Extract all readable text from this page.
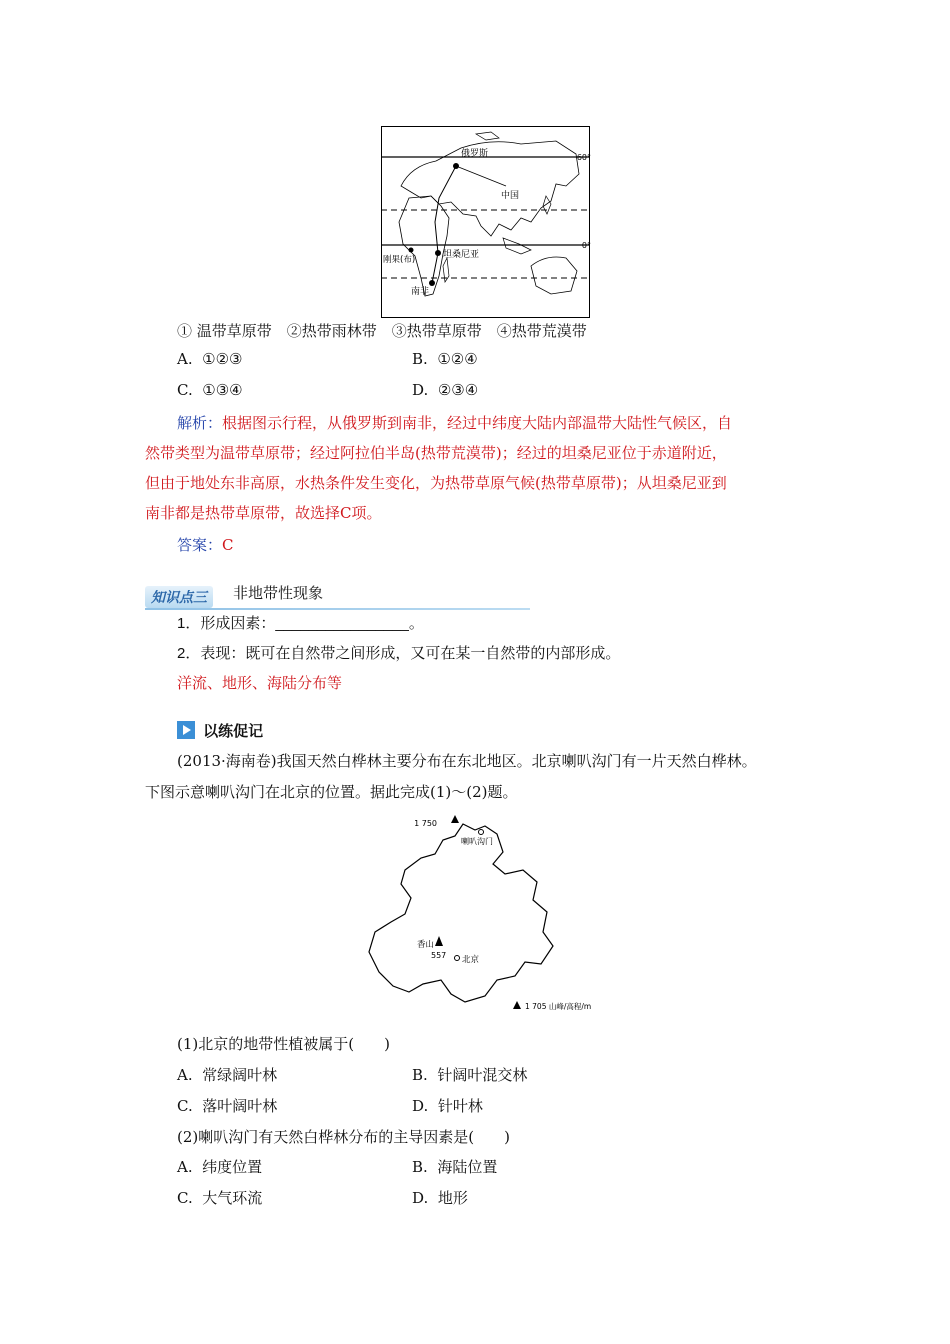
60°
0°
俄罗斯
中国
刚果(布)	坦桑尼亚
南非
① 温带草原带　②热带雨林带　③热带草原带　④热带荒漠带
A. ①②③	B. ①②④
C. ①③④	D. ②③④
解析：根据图示行程，从俄罗斯到南非，经过中纬度大陆内部温带大陆性气候区，自
然带类型为温带草原带；经过阿拉伯半岛(热带荒漠带)；经过的坦桑尼亚位于赤道附近，
但由于地处东非高原，水热条件发生变化，为热带草原气候(热带草原带)；从坦桑尼亚到
南非都是热带草原带，故选择C项。
答案：C
知识点三	非地带性现象
1．形成因素：________________。
2．表现：既可在自然带之间形成，又可在某一自然带的内部形成。
洋流、地形、海陆分布等
以练促记
(2013·海南卷)我国天然白桦林主要分布在东北地区。北京喇叭沟门有一片天然白桦林。
下图示意喇叭沟门在北京的位置。据此完成(1)～(2)题。
1 750
喇叭沟门
香山
557 北京
1 705 山峰/高程/m
(1)北京的地带性植被属于(　　)
A. 常绿阔叶林	B. 针阔叶混交林
C. 落叶阔叶林	D. 针叶林
(2)喇叭沟门有天然白桦林分布的主导因素是(　　)
A. 纬度位置	B. 海陆位置
C. 大气环流	D. 地形
